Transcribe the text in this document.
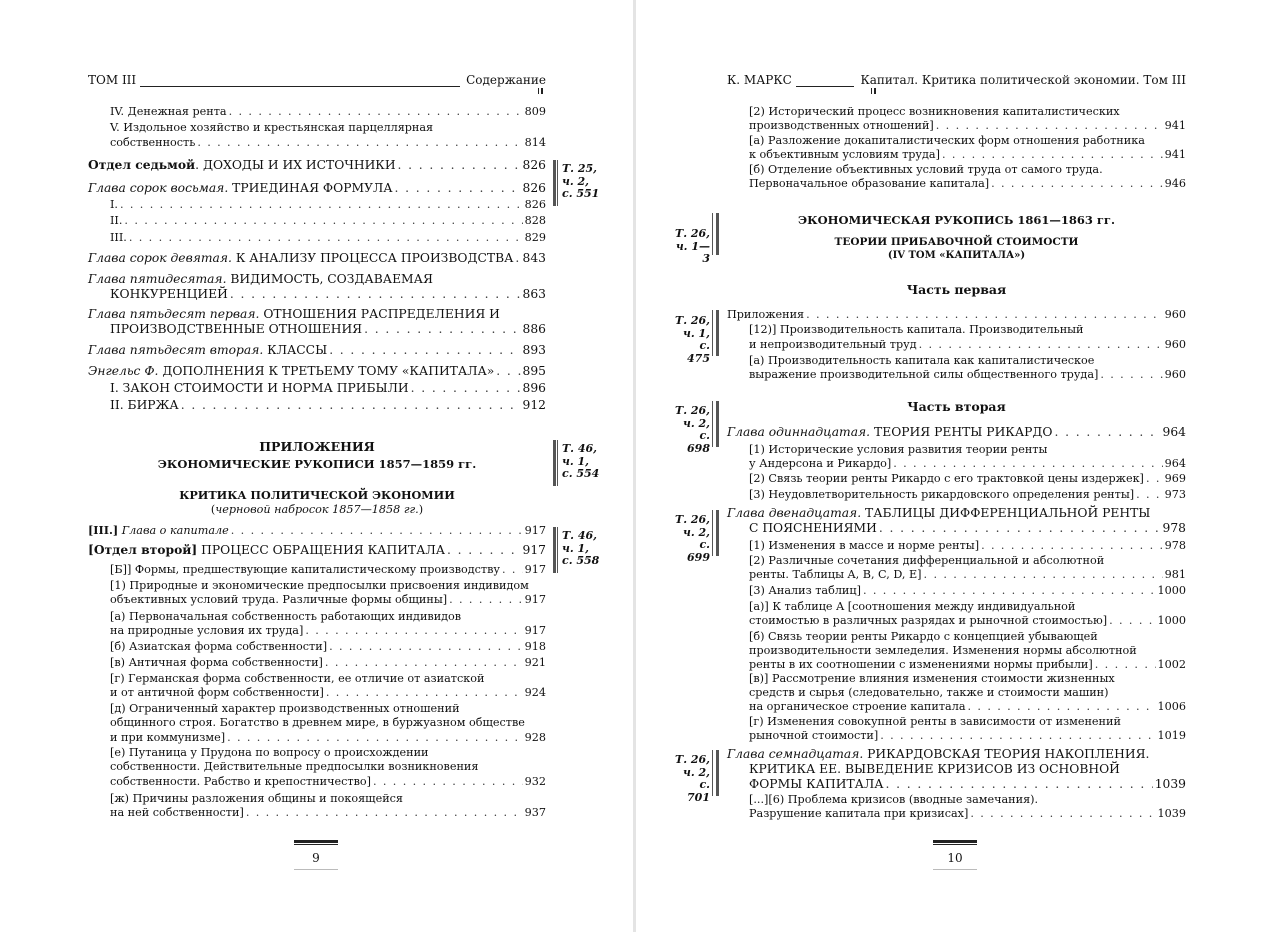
ТОМ III	Содержание
IV. Денежная рента . . .	809
V. Издольное хозяйство и крестьянская парцеллярная
собственность . . .	814
Отдел седьмой. ДОХОДЫ И ИХ ИСТОЧНИКИ . . .	826
Глава сорок восьмая. ТРИЕДИНАЯ ФОРМУЛА . . .	826
I. . . .	826
II. . . .	828
III. . . .	829
Глава сорок девятая. К АНАЛИЗУ ПРОЦЕССА ПРОИЗВОДСТВА . . . 843
Глава пятидесятая. ВИДИМОСТЬ, СОЗДАВАЕМАЯ
КОНКУРЕНЦИЕЙ . . .	863
Глава пятьдесят первая. ОТНОШЕНИЯ РАСПРЕДЕЛЕНИЯ И
ПРОИЗВОДСТВЕННЫЕ ОТНОШЕНИЯ . . .	886
Глава пятьдесят вторая. КЛАССЫ . . .	893
Энгельс Ф. ДОПОЛНЕНИЯ К ТРЕТЬЕМУ ТОМУ «КАПИТАЛА» . . . 895
I. ЗАКОН СТОИМОСТИ И НОРМА ПРИБЫЛИ . . .	896
II. БИРЖА . . .	912
[III.] Глава о капитале . . .	917
[Отдел второй] ПРОЦЕСС ОБРАЩЕНИЯ КАПИТАЛА . . .	917
[Б]] Формы, предшествующие капиталистическому производству . . . 917
[1) Природные и экономические предпосылки присвоения индивидом
объективных условий труда. Различные формы общины] . . .	917
[а) Первоначальная собственность работающих индивидов
на природные условия их труда] . . .	917
[б) Азиатская форма собственности] . . .	918
[в) Античная форма собственности] . . .	921
[г) Германская форма собственности, ее отличие от азиатской
и от античной форм собственности] . . .	924
[д) Ограниченный характер производственных отношений
общинного строя. Богатство в древнем мире, в буржуазном обществе
и при коммунизме] . . .	928
[е) Путаница у Прудона по вопросу о происхождении
собственности. Действительные предпосылки возникновения
собственности. Рабство и крепостничество] . . .	932
[ж) Причины разложения общины и покоящейся
на ней собственности] . . .	937
ПРИЛОЖЕНИЯ
ЭКОНОМИЧЕСКИЕ РУКОПИСИ 1857—1859 гг.
КРИТИКА ПОЛИТИЧЕСКОЙ ЭКОНОМИИ
(черновой набросок 1857—1858 гг.)
Т. 25,
ч. 2,
с. 551
Т. 46,
ч. 1,
с. 554
Т. 46,
ч. 1,
с. 558
9
К. МАРКС	Капитал. Критика политической экономии. Том III
[2) Исторический процесс возникновения капиталистических
производственных отношений] . . .	941
[а) Разложение докапиталистических форм отношения работника
к объективным условиям труда] . . .	941
[б) Отделение объективных условий труда от самого труда.
Первоначальное образование капитала] . . .	946
ЭКОНОМИЧЕСКАЯ РУКОПИСЬ 1861—1863 гг.
ТЕОРИИ ПРИБАВОЧНОЙ СТОИМОСТИ
(IV ТОМ «КАПИТАЛА»)
Часть первая
Приложения . . .	960
[12)] Производительность капитала. Производительный
и непроизводительный труд . . .	960
[а) Производительность капитала как капиталистическое
выражение производительной силы общественного труда] . . .	960
Часть вторая
Глава одиннадцатая. ТЕОРИЯ РЕНТЫ РИКАРДО . . .	964
[1) Исторические условия развития теории ренты
у Андерсона и Рикардо] . . .	964
[2) Связь теории ренты Рикардо с его трактовкой цены издержек] . . . 969
[3) Неудовлетворительность рикардовского определения ренты] . . .	973
Глава двенадцатая. ТАБЛИЦЫ ДИФФЕРЕНЦИАЛЬНОЙ РЕНТЫ
С ПОЯСНЕНИЯМИ . . .	978
[1) Изменения в массе и норме ренты] . . .	978
[2) Различные сочетания дифференциальной и абсолютной
ренты. Таблицы A, B, C, D, E] . . .	981
[3) Анализ таблиц] . . .	1000
[а)] К таблице A [соотношения между индивидуальной
стоимостью в различных разрядах и рыночной стоимостью] . . .	1000
[б) Связь теории ренты Рикардо с концепцией убывающей
производительности земледелия. Изменения нормы абсолютной
ренты в их соотношении с изменениями нормы прибыли] . . .	1002
[в)] Рассмотрение влияния изменения стоимости жизненных
средств и сырья (следовательно, также и стоимости машин)
на органическое строение капитала . . .	1006
[г) Изменения совокупной ренты в зависимости от изменений
рыночной стоимости] . . .	1019
Глава семнадцатая. РИКАРДОВСКАЯ ТЕОРИЯ НАКОПЛЕНИЯ.
КРИТИКА ЕЕ. ВЫВЕДЕНИЕ КРИЗИСОВ ИЗ ОСНОВНОЙ
ФОРМЫ КАПИТАЛА . . .	1039
[...][6) Проблема кризисов (вводные замечания).
Разрушение капитала при кризисах] . . .	1039
Т. 26,
ч. 1—3
Т. 26,
ч. 1,
с. 475
Т. 26,
ч. 2,
с. 698
Т. 26,
ч. 2,
с. 699
Т. 26,
ч. 2,
с. 701
10
